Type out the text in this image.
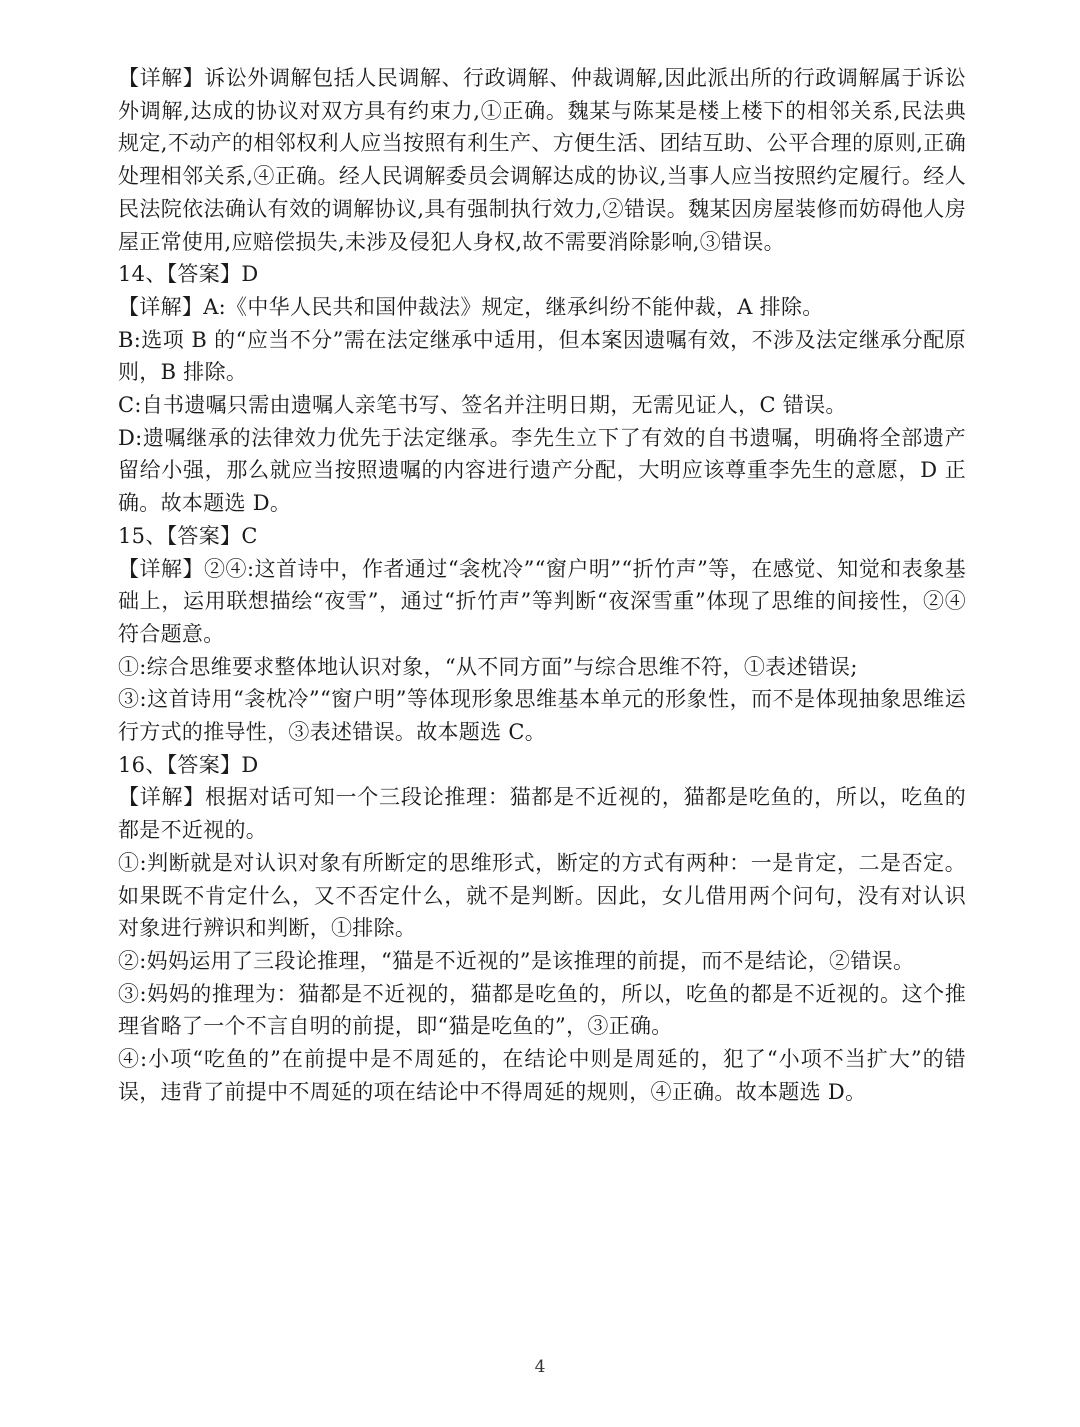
【详解】诉讼外调解包括人民调解、行政调解、仲裁调解,因此派出所的行政调解属于诉讼外调解,达成的协议对双方具有约束力,①正确。魏某与陈某是楼上楼下的相邻关系,民法典规定,不动产的相邻权利人应当按照有利生产、方便生活、团结互助、公平合理的原则,正确处理相邻关系,④正确。经人民调解委员会调解达成的协议,当事人应当按照约定履行。经人民法院依法确认有效的调解协议,具有强制执行效力,②错误。魏某因房屋装修而妨碍他人房屋正常使用,应赔偿损失,未涉及侵犯人身权,故不需要消除影响,③错误。

14、【答案】D

【详解】A:《中华人民共和国仲裁法》规定，继承纠纷不能仲裁，A 排除。

B:选项 B 的“应当不分”需在法定继承中适用，但本案因遗嘱有效，不涉及法定继承分配原则，B 排除。

C:自书遗嘱只需由遗嘱人亲笔书写、签名并注明日期，无需见证人，C 错误。

D:遗嘱继承的法律效力优先于法定继承。李先生立下了有效的自书遗嘱，明确将全部遗产留给小强，那么就应当按照遗嘱的内容进行遗产分配，大明应该尊重李先生的意愿，D 正确。故本题选 D。

15、【答案】C

【详解】②④:这首诗中，作者通过“衾枕冷”“窗户明”“折竹声”等，在感觉、知觉和表象基础上，运用联想描绘“夜雪”，通过“折竹声”等判断“夜深雪重”体现了思维的间接性，②④符合题意。

①:综合思维要求整体地认识对象，“从不同方面”与综合思维不符，①表述错误;

③:这首诗用“衾枕冷”“窗户明”等体现形象思维基本单元的形象性，而不是体现抽象思维运行方式的推导性，③表述错误。故本题选 C。

16、【答案】D

【详解】根据对话可知一个三段论推理：猫都是不近视的，猫都是吃鱼的，所以，吃鱼的都是不近视的。

①:判断就是对认识对象有所断定的思维形式，断定的方式有两种：一是肯定，二是否定。如果既不肯定什么，又不否定什么，就不是判断。因此，女儿借用两个问句，没有对认识对象进行辨识和判断，①排除。

②:妈妈运用了三段论推理，“猫是不近视的”是该推理的前提，而不是结论，②错误。

③:妈妈的推理为：猫都是不近视的，猫都是吃鱼的，所以，吃鱼的都是不近视的。这个推理省略了一个不言自明的前提，即“猫是吃鱼的”，③正确。

④:小项“吃鱼的”在前提中是不周延的，在结论中则是周延的，犯了“小项不当扩大”的错误，违背了前提中不周延的项在结论中不得周延的规则，④正确。故本题选 D。

4
